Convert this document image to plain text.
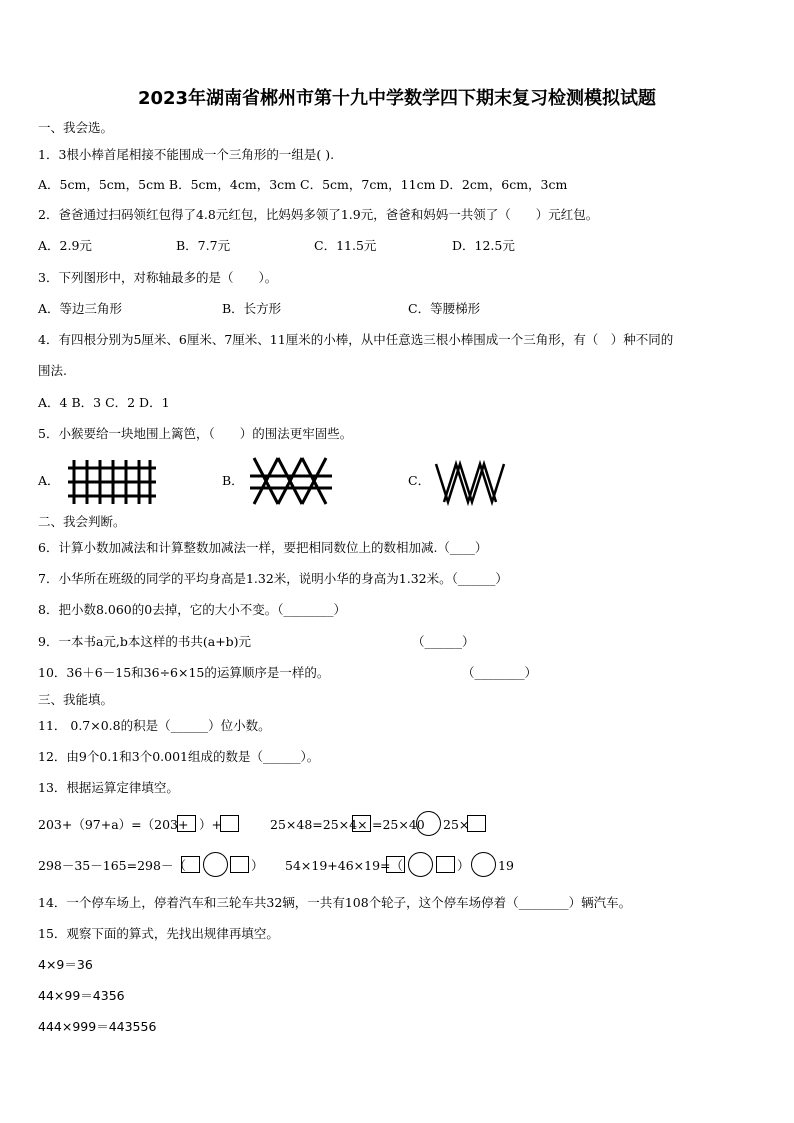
2023年湖南省郴州市第十九中学数学四下期末复习检测模拟试题
一、我会选。
1．3根小棒首尾相接不能围成一个三角形的一组是( ).
A．5cm，5cm，5cm B．5cm，4cm，3cm C．5cm，7cm，11cm D．2cm，6cm，3cm
2．爸爸通过扫码领红包得了4.8元红包，比妈妈多领了1.9元，爸爸和妈妈一共领了（　　）元红包。
A．2.9元	B．7.7元	C．11.5元	D．12.5元
3．下列图形中，对称轴最多的是（　　）。
A．等边三角形	B．长方形	C．等腰梯形
4．有四根分别为5厘米、6厘米、7厘米、11厘米的小棒，从中任意选三根小棒围成一个三角形，有（　）种不同的
围法.
A．4 B．3 C．2 D．1
5．小猴要给一块地围上篱笆，（　　）的围法更牢固些。
A．	B．	C．
二、我会判断。
6．计算小数加减法和计算整数加减法一样，要把相同数位上的数相加减.（____）
7．小华所在班级的同学的平均身高是1.32米，说明小华的身高为1.32米。（______）
8．把小数8.060的0去掉，它的大小不变。（________）
9．一本书a元,b本这样的书共(a+b)元	（______）
10．36＋6－15和36÷6×15的运算顺序是一样的。	（________）
三、我能填。
11． 0.7×0.8的积是（______）位小数。
12．由9个0.1和3个0.001组成的数是（______）。
13．根据运算定律填空。
203+（97+a）=（203+ ）+	25×48=25×4× =25×40 25×
298－35－165=298－（	） 54×19+46×19=（	） 19
14．一个停车场上，停着汽车和三轮车共32辆，一共有108个轮子，这个停车场停着（________）辆汽车。
15．观察下面的算式，先找出规律再填空。
4×9＝36
44×99＝4356
444×999＝443556
